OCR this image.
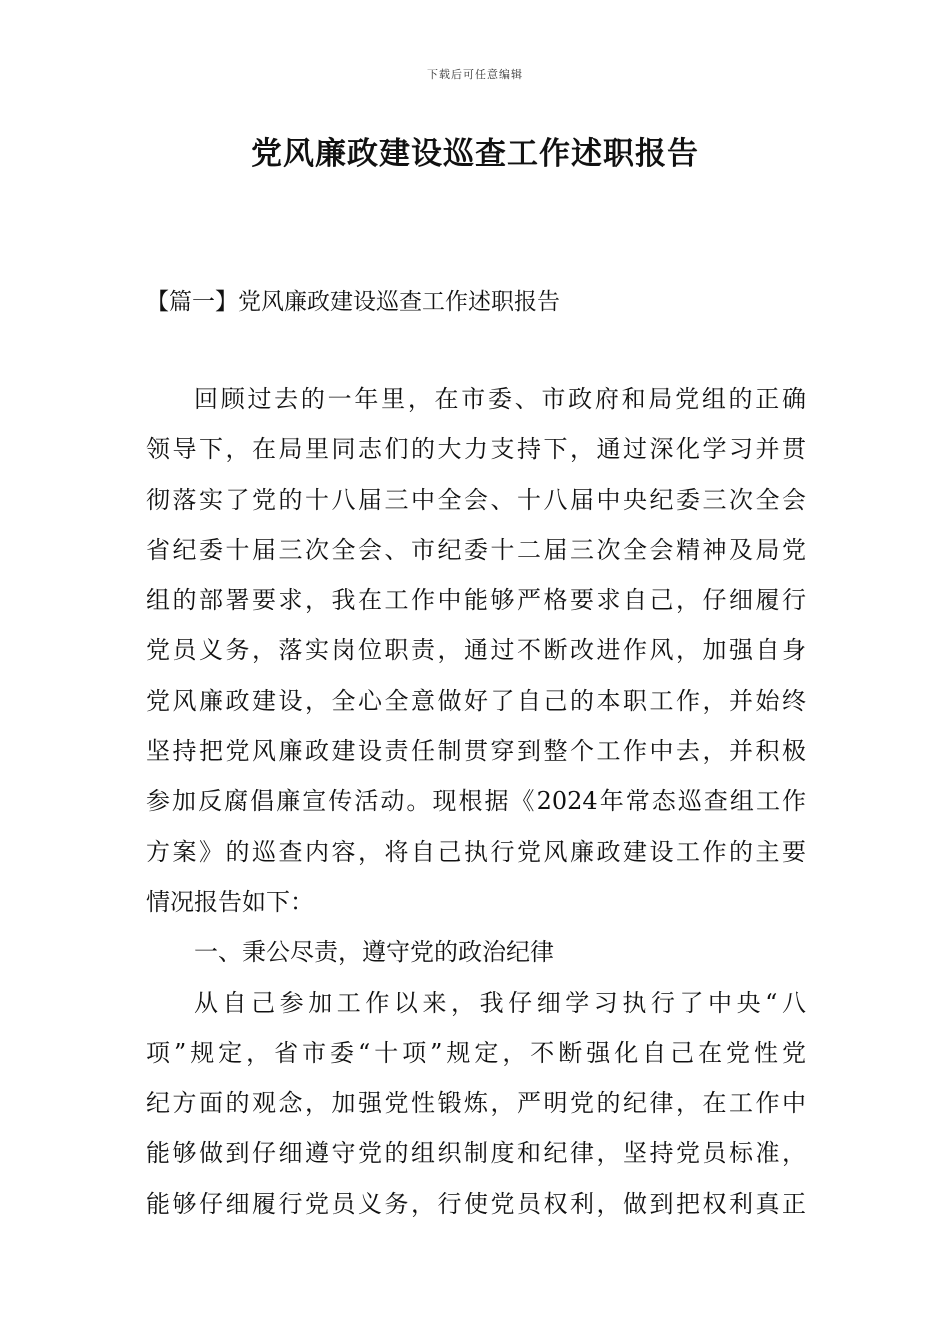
下载后可任意编辑
党风廉政建设巡查工作述职报告
【篇一】党风廉政建设巡查工作述职报告
回顾过去的一年里，在市委、市政府和局党组的正确
领导下，在局里同志们的大力支持下，通过深化学习并贯
彻落实了党的十八届三中全会、十八届中央纪委三次全会
省纪委十届三次全会、市纪委十二届三次全会精神及局党
组的部署要求，我在工作中能够严格要求自己，仔细履行
党员义务，落实岗位职责，通过不断改进作风，加强自身
党风廉政建设，全心全意做好了自己的本职工作，并始终
坚持把党风廉政建设责任制贯穿到整个工作中去，并积极
参加反腐倡廉宣传活动。现根据《2024年常态巡查组工作
方案》的巡查内容，将自己执行党风廉政建设工作的主要
情况报告如下：
一、秉公尽责，遵守党的政治纪律
从自己参加工作以来，我仔细学习执行了中央“八
项”规定，省市委“十项”规定，不断强化自己在党性党
纪方面的观念，加强党性锻炼，严明党的纪律，在工作中
能够做到仔细遵守党的组织制度和纪律，坚持党员标准，
能够仔细履行党员义务，行使党员权利，做到把权利真正
